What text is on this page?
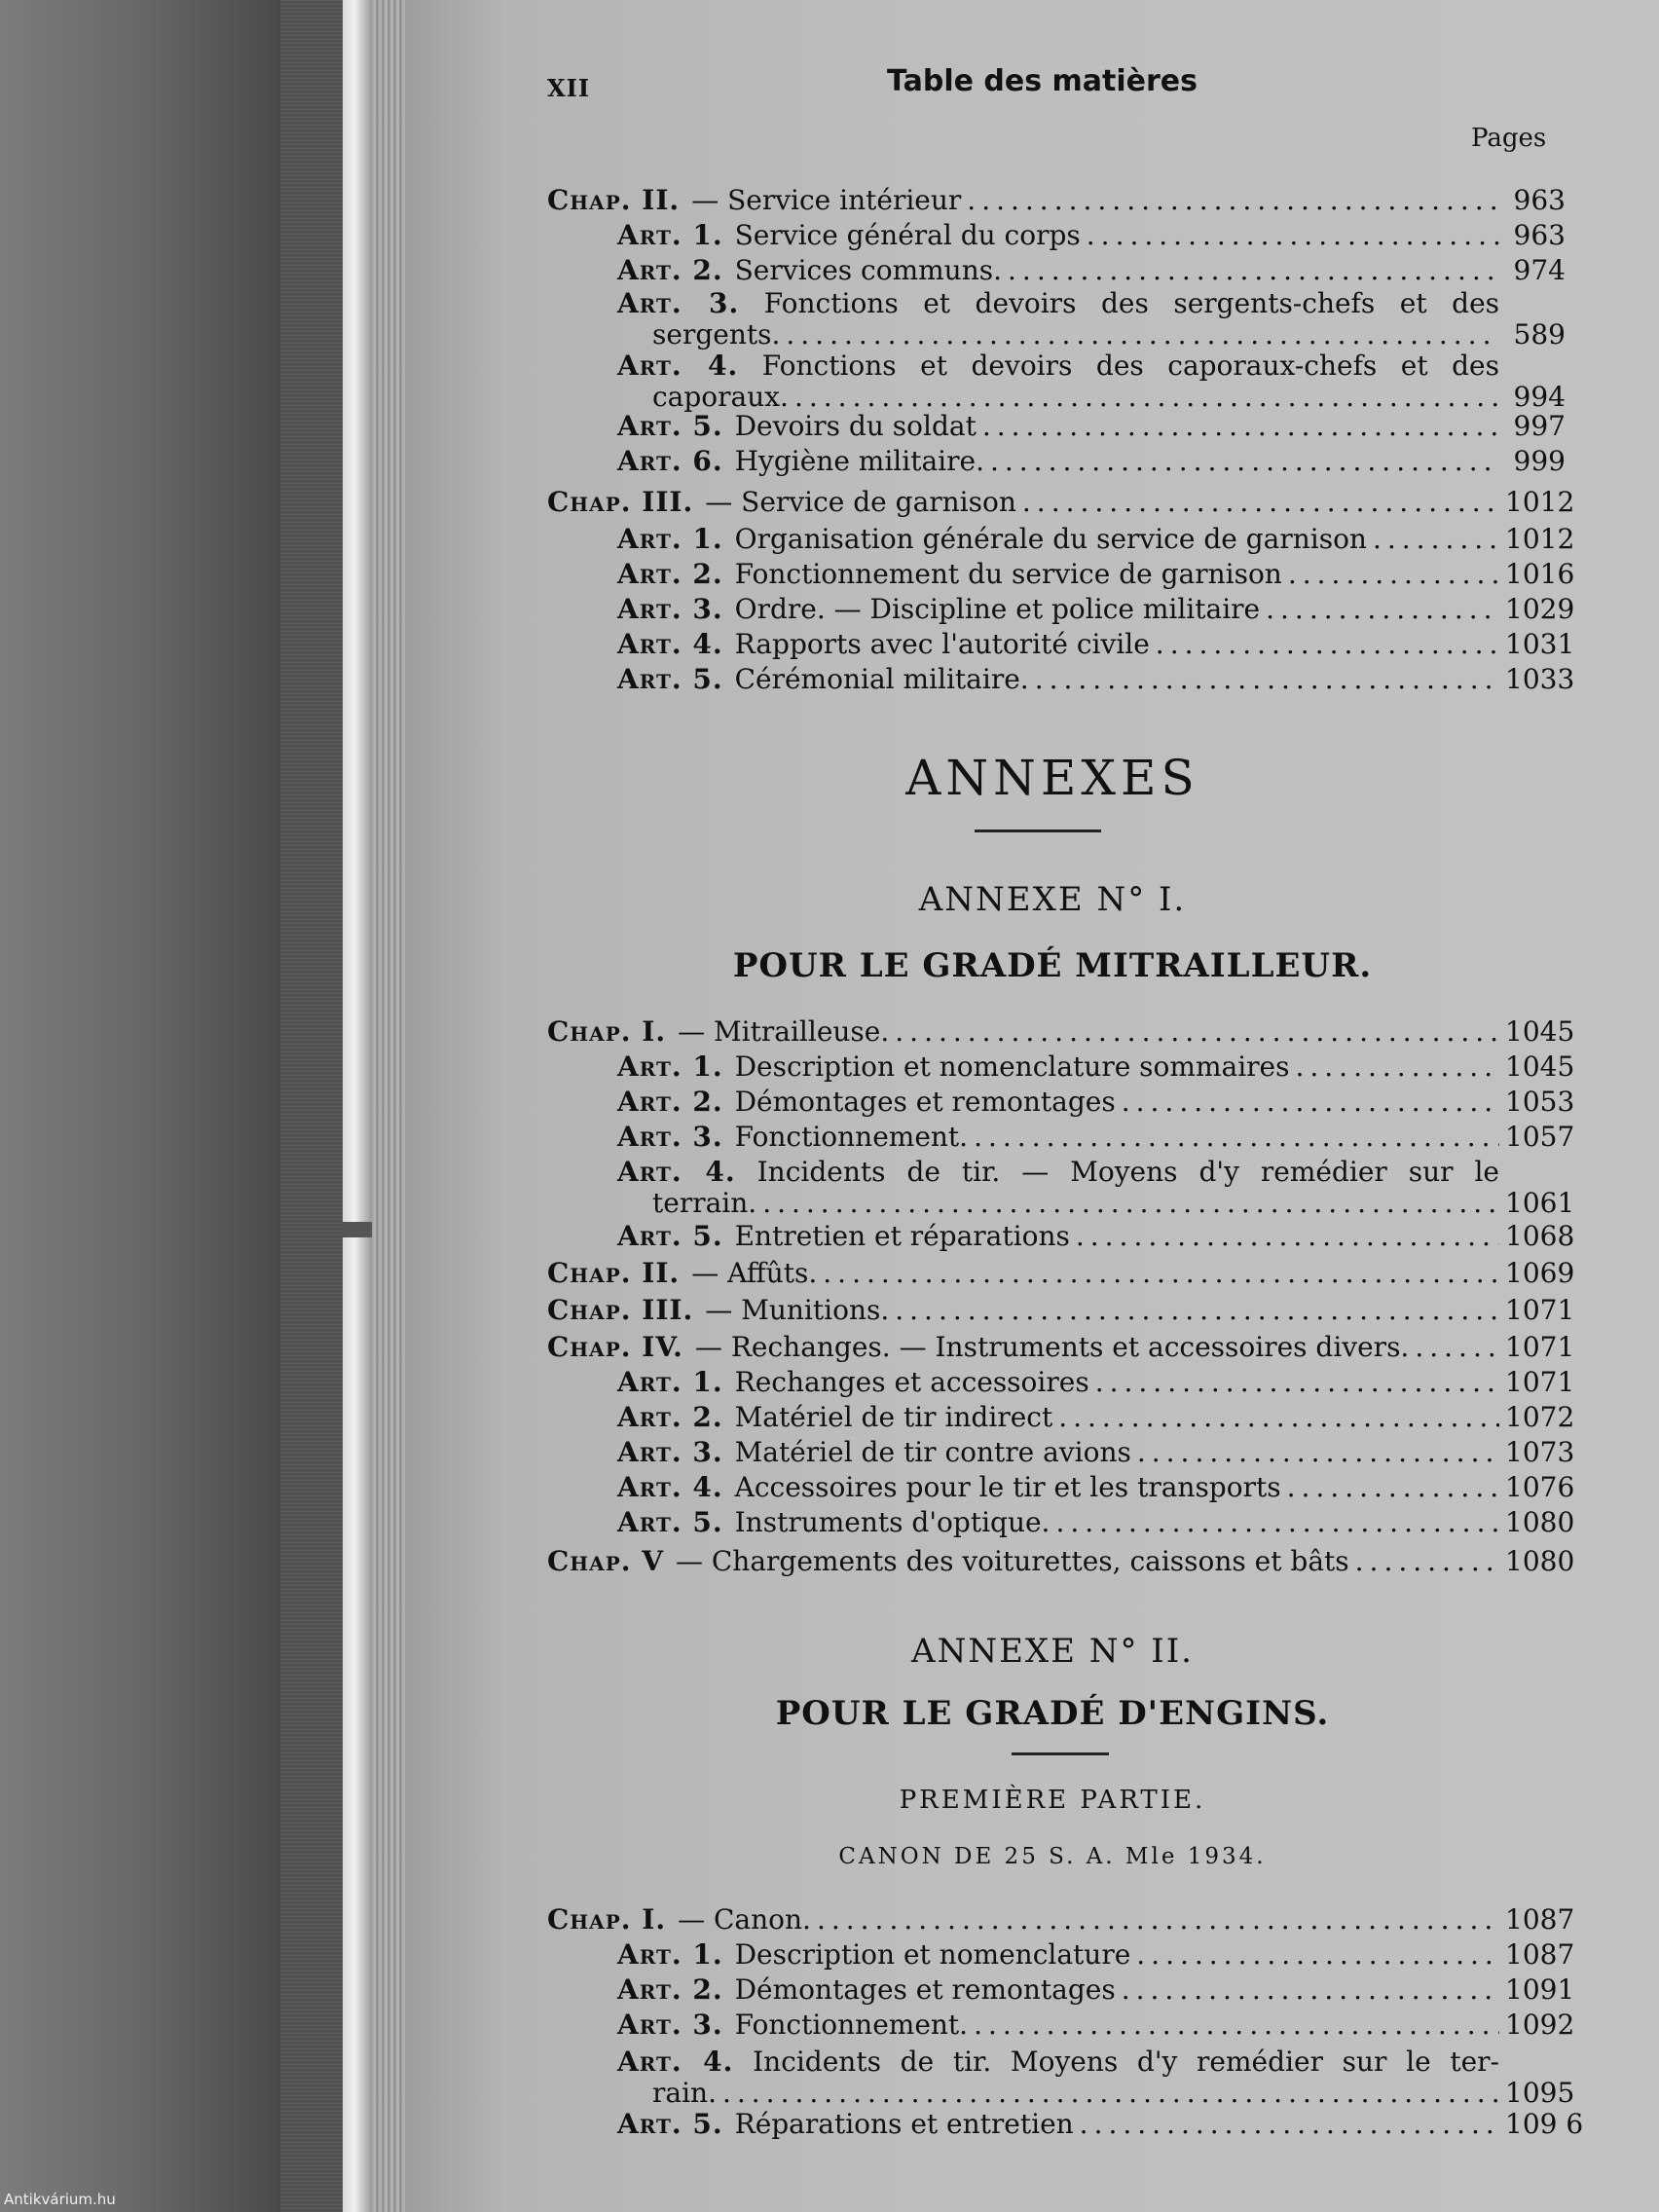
Antikvárium.hu
XII	Table des matières
Pages
Chap. II. — Service intérieur .....	963
Art. 1. Service général du corps .....	963
Art. 2. Services communs. .....	974
Art. 3. Fonctions et devoirs des sergents-chefs et des
sergents. .....	589
Art. 4. Fonctions et devoirs des caporaux-chefs et des
caporaux. .....	994
Art. 5. Devoirs du soldat .....	997
Art. 6. Hygiène militaire. .....	999
Chap. III. — Service de garnison .....	1012
Art. 1. Organisation générale du service de garnison .....	1012
Art. 2. Fonctionnement du service de garnison .....	1016
Art. 3. Ordre. — Discipline et police militaire .....	1029
Art. 4. Rapports avec l'autorité civile .....	1031
Art. 5. Cérémonial militaire. .....	1033
ANNEXES
ANNEXE N° I.
POUR LE GRADÉ MITRAILLEUR.
Chap. I. — Mitrailleuse. .....	1045
Art. 1. Description et nomenclature sommaires .....	1045
Art. 2. Démontages et remontages .....	1053
Art. 3. Fonctionnement. .....	1057
Art. 4. Incidents de tir. — Moyens d'y remédier sur le
terrain. .....	1061
Art. 5. Entretien et réparations .....	1068
Chap. II. — Affûts. .....	1069
Chap. III. — Munitions. .....	1071
Chap. IV. — Rechanges. — Instruments et accessoires divers. .....	1071
Art. 1. Rechanges et accessoires .....	1071
Art. 2. Matériel de tir indirect .....	1072
Art. 3. Matériel de tir contre avions .....	1073
Art. 4. Accessoires pour le tir et les transports .....	1076
Art. 5. Instruments d'optique. .....	1080
Chap. V — Chargements des voiturettes, caissons et bâts .....	1080
ANNEXE N° II.
POUR LE GRADÉ D'ENGINS.
PREMIÈRE PARTIE.
CANON DE 25 S. A. Mle 1934.
Chap. I. — Canon. .....	1087
Art. 1. Description et nomenclature .....	1087
Art. 2. Démontages et remontages .....	1091
Art. 3. Fonctionnement. .....	1092
Art. 4. Incidents de tir. Moyens d'y remédier sur le ter-
rain. .....	1095
Art. 5. Réparations et entretien .....	109 6
